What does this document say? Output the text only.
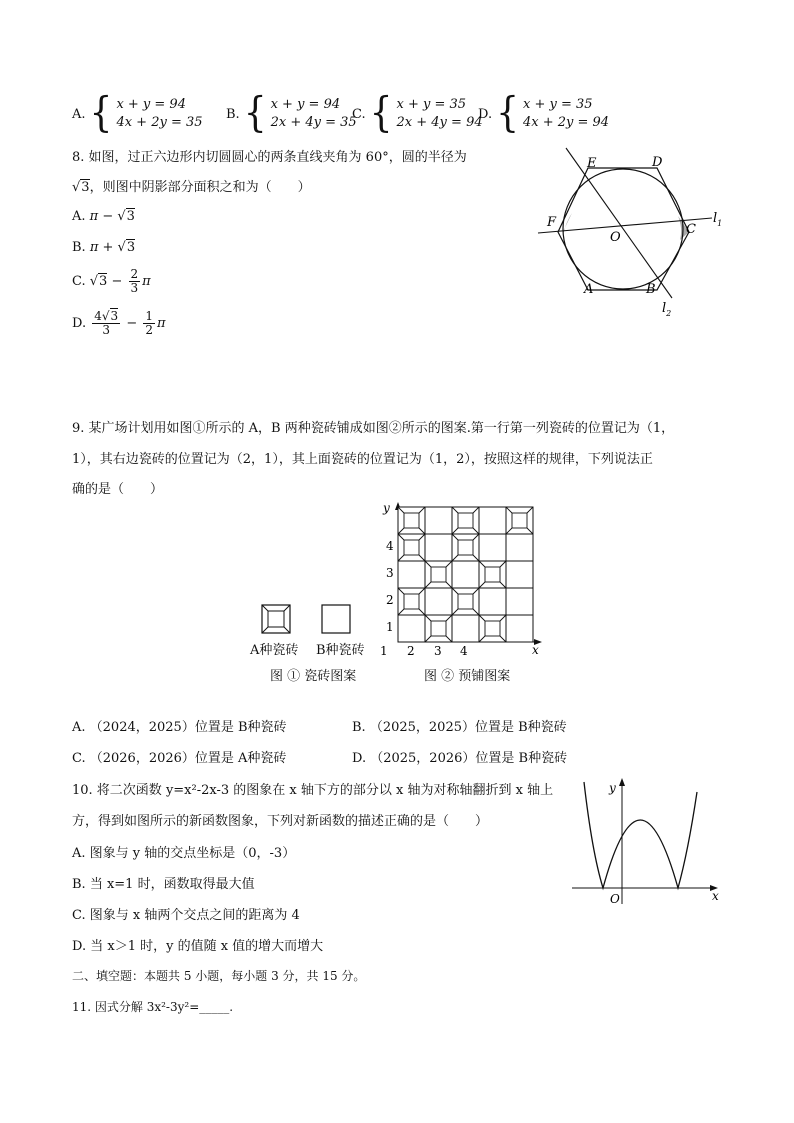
A. { x + y = 94
4x + 2y = 35
B. { x + y = 94
2x + 4y = 35
C. { x + y = 35
2x + 4y = 94
D. { x + y = 35
4x + 2y = 94
8. 如图，过正六边形内切圆圆心的两条直线夹角为 60°，圆的半径为
√3，则图中阴影部分面积之和为（　　）
A. π − √3
B. π + √3
C. $√3 - \frac{2}{3}$ π
D. $\frac{4√3}{3} - \frac{1}{2}$ π
E	D
F	C
O
A	B
$l_1$
$l_2$
9. 某广场计划用如图①所示的 A，B 两种瓷砖铺成如图②所示的图案.第一行第一列瓷砖的位置记为（1，
1），其右边瓷砖的位置记为（2，1），其上面瓷砖的位置记为（1，2），按照这样的规律，下列说法正
确的是（　　）
A种瓷砖 B种瓷砖
图 ① 瓷砖图案
y
x
1
2
3
4
1 2 3 4
图 ② 预铺图案
A. （2024，2025）位置是 B种瓷砖	B. （2025，2025）位置是 B种瓷砖
C. （2026，2026）位置是 A种瓷砖	D. （2025，2026）位置是 B种瓷砖
10. 将二次函数 y=x²-2x-3 的图象在 x 轴下方的部分以 x 轴为对称轴翻折到 x 轴上
方，得到如图所示的新函数图象，下列对新函数的描述正确的是（　　）
A. 图象与 y 轴的交点坐标是（0，-3）
B. 当 x=1 时，函数取得最大值
C. 图象与 x 轴两个交点之间的距离为 4
D. 当 x＞1 时，y 的值随 x 值的增大而增大
y
x
O
二、填空题：本题共 5 小题，每小题 3 分，共 15 分。
11. 因式分解 3x²-3y²=_____.
